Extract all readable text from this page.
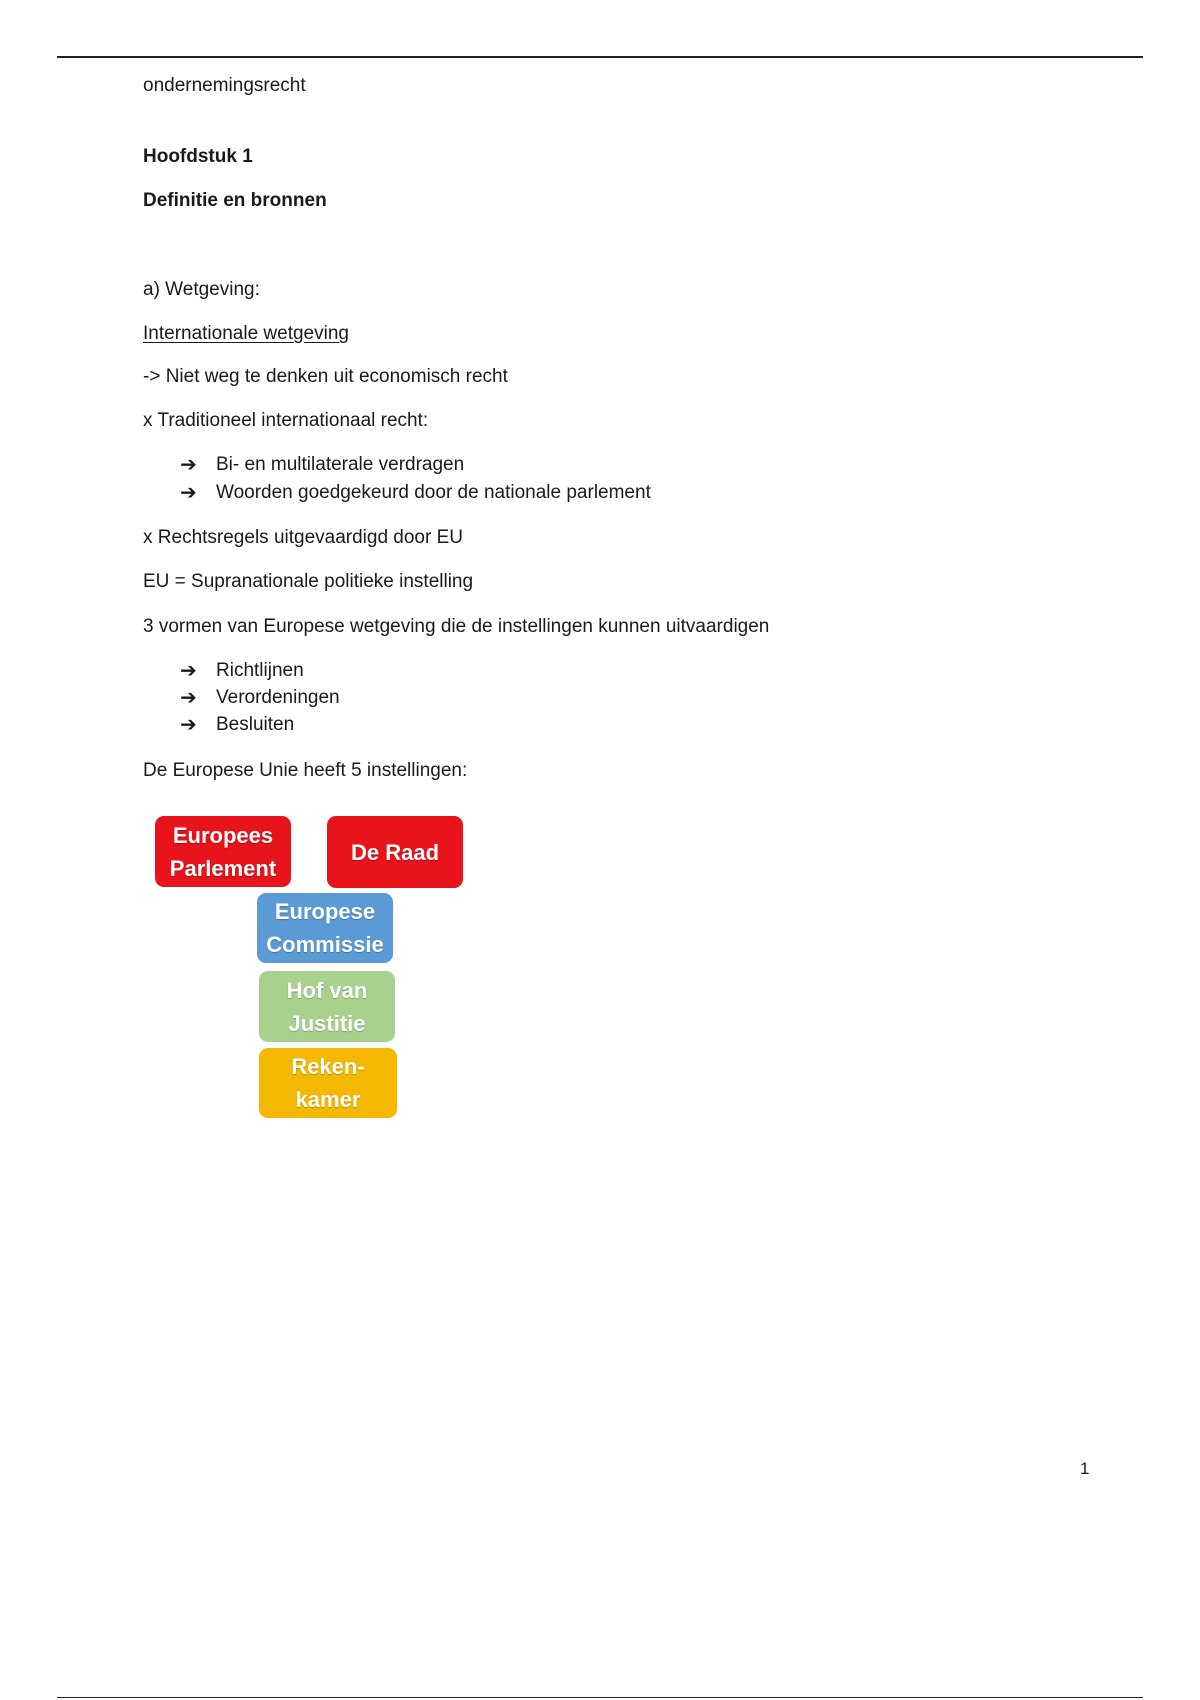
ondernemingsrecht
Hoofdstuk 1
Definitie en bronnen
a) Wetgeving:
Internationale wetgeving
-> Niet weg te denken uit economisch recht
x Traditioneel internationaal recht:
➔	Bi- en multilaterale verdragen
➔	Woorden goedgekeurd door de nationale parlement
x Rechtsregels uitgevaardigd door EU
EU = Supranationale politieke instelling
3 vormen van Europese wetgeving die de instellingen kunnen uitvaardigen
➔	Richtlijnen
➔	Verordeningen
➔	Besluiten
De Europese Unie heeft 5 instellingen:
Europees
Parlement
De Raad
Europese
Commissie
Hof van
Justitie
Reken-
kamer
1
